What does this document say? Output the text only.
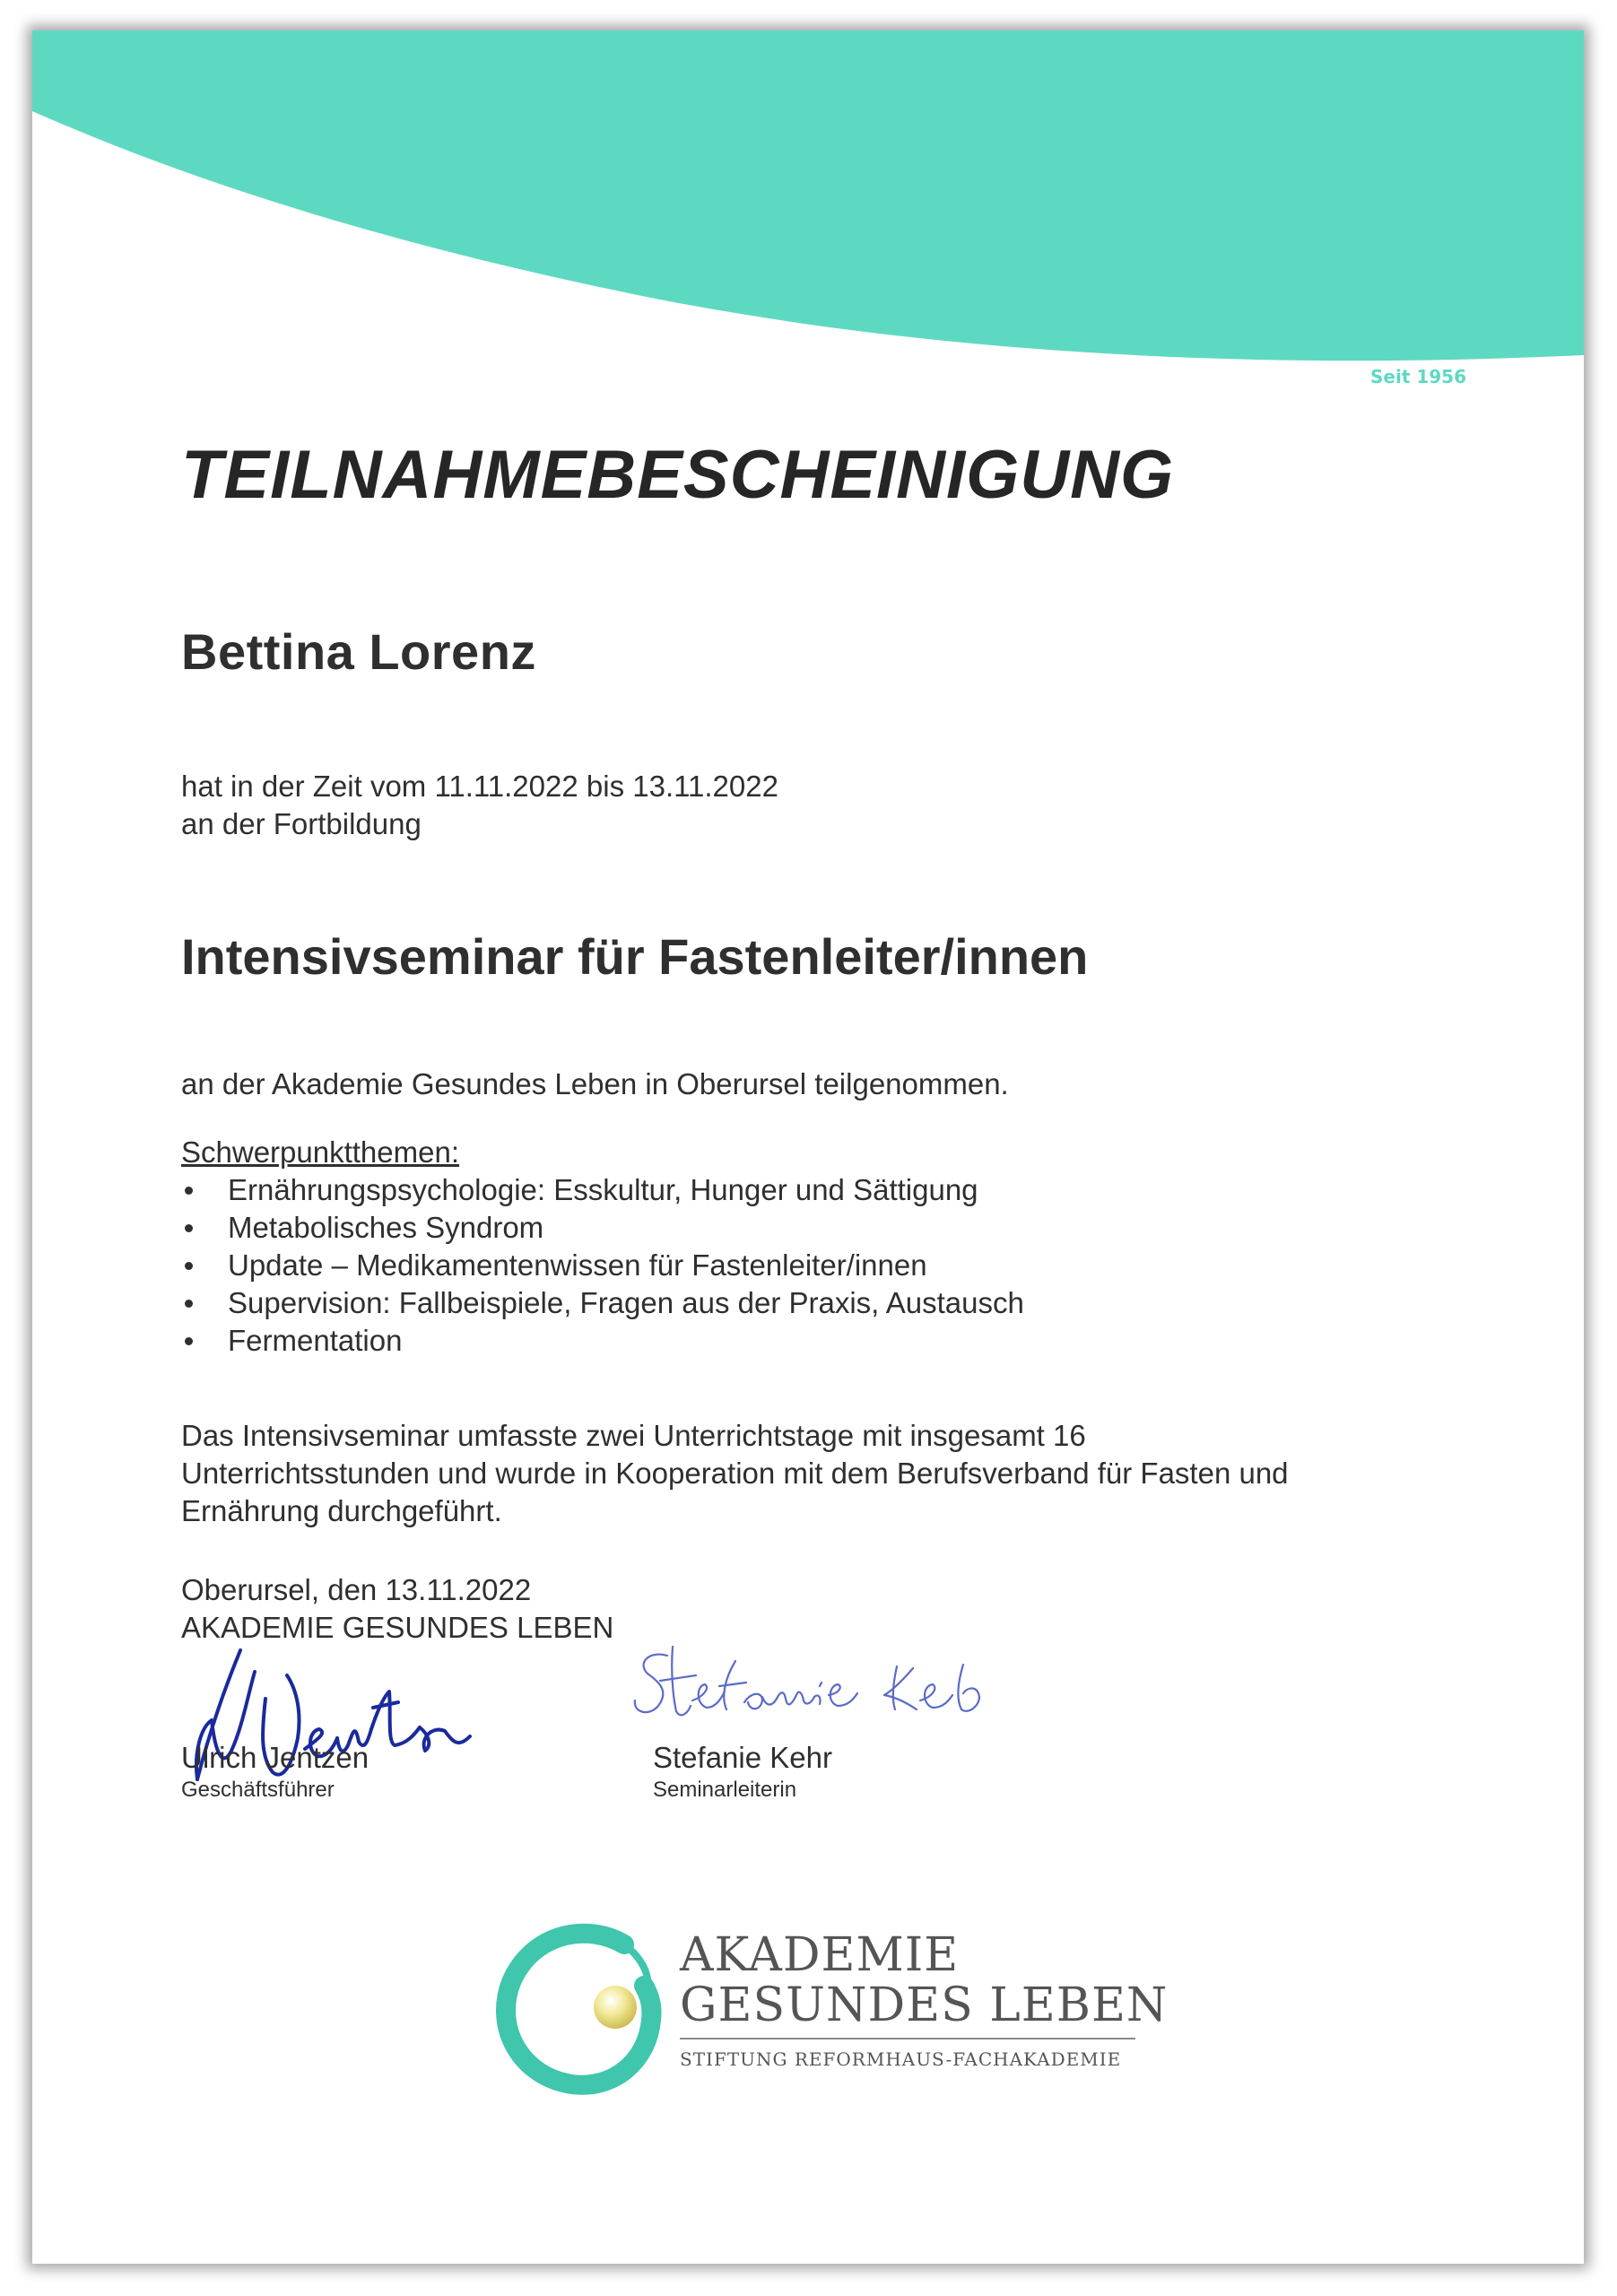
Seit 1956
TEILNAHMEBESCHEINIGUNG
Bettina Lorenz
hat in der Zeit vom 11.11.2022 bis 13.11.2022
an der Fortbildung
Intensivseminar für Fastenleiter/innen
an der Akademie Gesundes Leben in Oberursel teilgenommen.
Schwerpunktthemen:
Ernährungspsychologie: Esskultur, Hunger und Sättigung
Metabolisches Syndrom
Update – Medikamentenwissen für Fastenleiter/innen
Supervision: Fallbeispiele, Fragen aus der Praxis, Austausch
Fermentation
Das Intensivseminar umfasste zwei Unterrichtstage mit insgesamt 16
Unterrichtsstunden und wurde in Kooperation mit dem Berufsverband für Fasten und
Ernährung durchgeführt.
Oberursel, den 13.11.2022
AKADEMIE GESUNDES LEBEN
Ulrich Jentzen
Geschäftsführer
Stefanie Kehr
Seminarleiterin
AKADEMIE
GESUNDES LEBEN
STIFTUNG REFORMHAUS-FACHAKADEMIE
